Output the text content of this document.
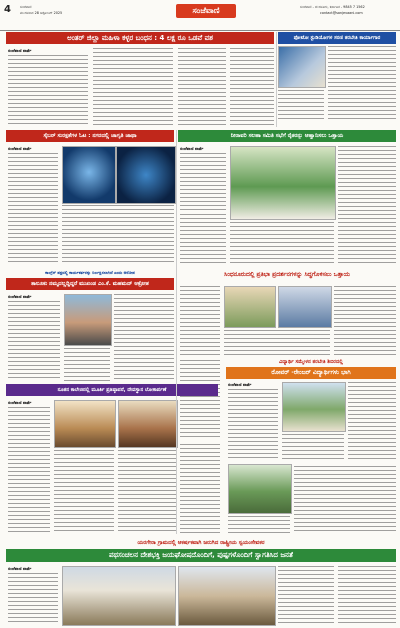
4	ಸಂಜೆವಾಣಿ
ಮಂಗಳವಾರ 28 ಅಕ್ಟೋಬರ್ 2025	ಸಂಜೆವಾಣಿ	ಸಂಜೆವಾಣಿ - ಬೆಂಗಳೂರು, ಕರ್ನಾಟಕ - 9845 7 1562
contact@sanjevaani.com
ಅಂತರ್ ಜಿಲ್ಲಾ ಮಹಿಳಾ ಕಳ್ಳರ ಬಂಧನ : 4 ಲಕ್ಷ ರೂ ಒಡವೆ ವಶ	ಫೋಟೋ ಸ್ಟುಡಿಯೋಗಳ ಸರಣಿ ತರಬೇತಿ ಕಾರ್ಯಾಗಾರ
ಸಂಜೆವಾಣಿ ವಾರ್ತೆ
ಸೈಬರ್ ಸುರಕ್ಷತೆಗಳ ಓಟ : ನಗರದಲ್ಲಿ ಜಾಗೃತಿ ಜಾಥಾ	ನೀರಾವರಿ ಸಲಹಾ ಸಮಿತಿ ಸಭೆಗೆ ರೈತರನ್ನು ಆಹ್ವಾನಿಸಲು ಒತ್ತಾಯ
ಸಂಜೆವಾಣಿ ವಾರ್ತೆ	ಸಂಜೆವಾಣಿ ವಾರ್ತೆ
ಕಾಂಗ್ರೆಸ್ ಪಕ್ಷದಲ್ಲಿ ಕಾರ್ಯಕರ್ತರನ್ನು ನಿರ್ಲಕ್ಷಿಸಲಾಗಿದೆ ಎಂದು ಆರೋಪ
ತಾಲೂಕು ನಮ್ಮದಲ್ಲದ್ದಿದ್ದರೆ ಮುಖಂಡ ಎಂ.ಕೆ. ಮಹಮದ್ ಆಕ್ರೋಶ
ಸಿಂಧನೂರುದಲ್ಲಿ ಪ್ರತಿಭಾ ಪ್ರದರ್ಶನಗಳನ್ನು ಸಿದ್ಧಗೊಳಿಸಲು ಒತ್ತಾಯ
ಸಂಜೆವಾಣಿ ವಾರ್ತೆ
ವಿದ್ಯಾರ್ಥಿ ಸಮ್ಮೇಳನ ತರಬೇತಿ ಶಿಬಿರದಲ್ಲಿ
ರೋವರ್ -ರೇಂಜರ್ ವಿದ್ಯಾರ್ಥಿಗಳು ಭಾಗಿ
ನೂತನ ಕಾಲೇಜಿನಲ್ಲಿ ಮೂರ್ತಿ ಪ್ರತಿಷ್ಠಾಪನೆ, ದೇವಸ್ಥಾನ ಲೋಕಾರ್ಪಣೆ
ಸಂಜೆವಾಣಿ ವಾರ್ತೆ
ಸಂಜೆವಾಣಿ ವಾರ್ತೆ
ಯರಗೇರಾ ಗ್ರಾಮದಲ್ಲಿ ಆಕರ್ಷಕವಾಗಿ ಜರುಗಿದ ರಾಷ್ಟ್ರೀಯ ಸ್ವಯಂಸೇವಕರ
ಪಥಸಂಚಲನ ದೇಶಭಕ್ತಿ ಜಯಘೋಷದೊಂದಿಗೆ, ಪುಷ್ಪಗಳೊಂದಿಗೆ ಸ್ವಾಗತಿಸಿದ ಜನತೆ
ಸಂಜೆವಾಣಿ ವಾರ್ತೆ
